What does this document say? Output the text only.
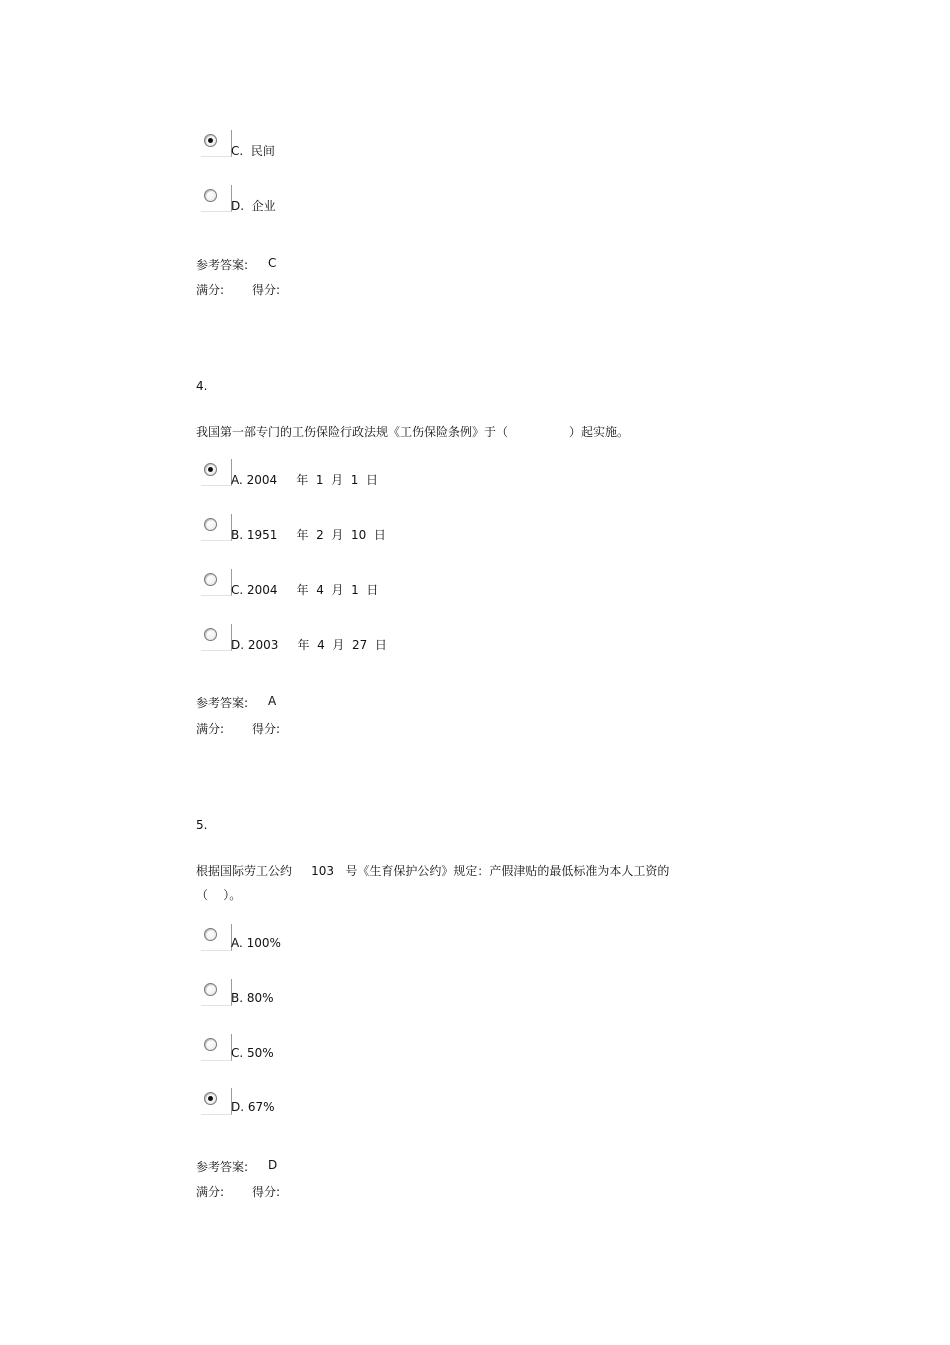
C.  民间
D.  企业
参考答案: C
满分: 得分:
4.
我国第一部专门的工伤保险行政法规《工伤保险条例》于（                ）起实施。
A. 2004     年  1  月  1  日
B. 1951     年  2  月  10  日
C. 2004     年  4  月  1  日
D. 2003     年  4  月  27  日
参考答案: A
满分: 得分:
5.
根据国际劳工公约     103   号《生育保护公约》规定：产假津贴的最低标准为本人工资的
（    ）。
A. 100%
B. 80%
C. 50%
D. 67%
参考答案: D
满分: 得分:
